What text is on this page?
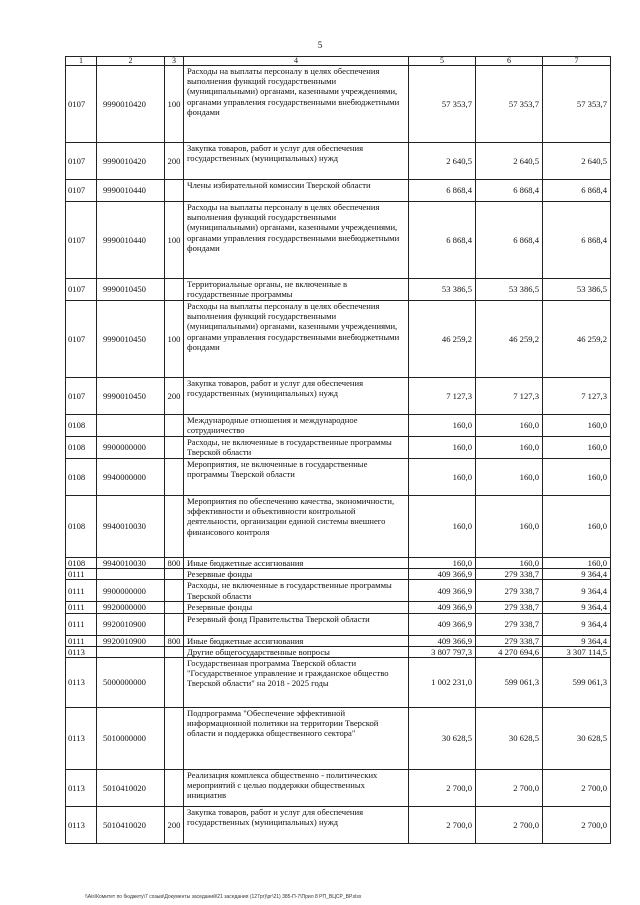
5
1	2	3	4	5	6	7
0107	9990010420	100	Расходы на выплаты персоналу в целях обеспечения выполнения функций государственными (муниципальными) органами, казенными учреждениями, органами управления государственными внебюджетными фондами	57 353,7	57 353,7	57 353,7
0107	9990010420	200	Закупка товаров, работ и услуг для обеспечения государственных (муниципальных) нужд	2 640,5	2 640,5	2 640,5
0107	9990010440		Члены избирательной комиссии Тверской области	6 868,4	6 868,4	6 868,4
0107	9990010440	100	Расходы на выплаты персоналу в целях обеспечения выполнения функций государственными (муниципальными) органами, казенными учреждениями, органами управления государственными внебюджетными фондами	6 868,4	6 868,4	6 868,4
0107	9990010450		Территориальные органы, не включенные в государственные программы	53 386,5	53 386,5	53 386,5
0107	9990010450	100	Расходы на выплаты персоналу в целях обеспечения выполнения функций государственными (муниципальными) органами, казенными учреждениями, органами управления государственными внебюджетными фондами	46 259,2	46 259,2	46 259,2
0107	9990010450	200	Закупка товаров, работ и услуг для обеспечения государственных (муниципальных) нужд	7 127,3	7 127,3	7 127,3
0108			Международные отношения и международное сотрудничество	160,0	160,0	160,0
0108	9900000000		Расходы, не включенные в государственные программы Тверской области	160,0	160,0	160,0
0108	9940000000		Мероприятия, не включенные в государственные программы Тверской области	160,0	160,0	160,0
0108	9940010030		Мероприятия по обеспечению качества, экономичности, эффективности и объективности контрольной деятельности, организации единой системы внешнего финансового контроля	160,0	160,0	160,0
0108	9940010030	800	Иные бюджетные ассигнования	160,0	160,0	160,0
0111			Резервные фонды	409 366,9	279 338,7	9 364,4
0111	9900000000		Расходы, не включенные в государственные программы Тверской области	409 366,9	279 338,7	9 364,4
0111	9920000000		Резервные фонды	409 366,9	279 338,7	9 364,4
0111	9920010900		Резервный фонд Правительства Тверской области	409 366,9	279 338,7	9 364,4
0111	9920010900	800	Иные бюджетные ассигнования	409 366,9	279 338,7	9 364,4
0113			Другие общегосударственные вопросы	3 807 797,3	4 270 694,6	3 307 114,5
0113	5000000000		Государственная программа Тверской области "Государственное управление и гражданское общество Тверской области" на 2018 - 2025 годы	1 002 231,0	599 061,3	599 061,3
0113	5010000000		Подпрограмма "Обеспечение эффективной информационной политики на территории Тверской области и поддержка общественного сектора"	30 628,5	30 628,5	30 628,5
0113	5010410020		Реализация комплекса общественно - политических мероприятий с целью поддержки общественных инициатив	2 700,0	2 700,0	2 700,0
0113	5010410020	200	Закупка товаров, работ и услуг для обеспечения государственных (муниципальных) нужд	2 700,0	2 700,0	2 700,0
\\Ais\Комитет по бюджету\7 созыв\Документы заседаний\21 заседания (127рг)\рг\21) 385-П-7\Прил 8 РП_ВЦСР_ВР.xlsx
